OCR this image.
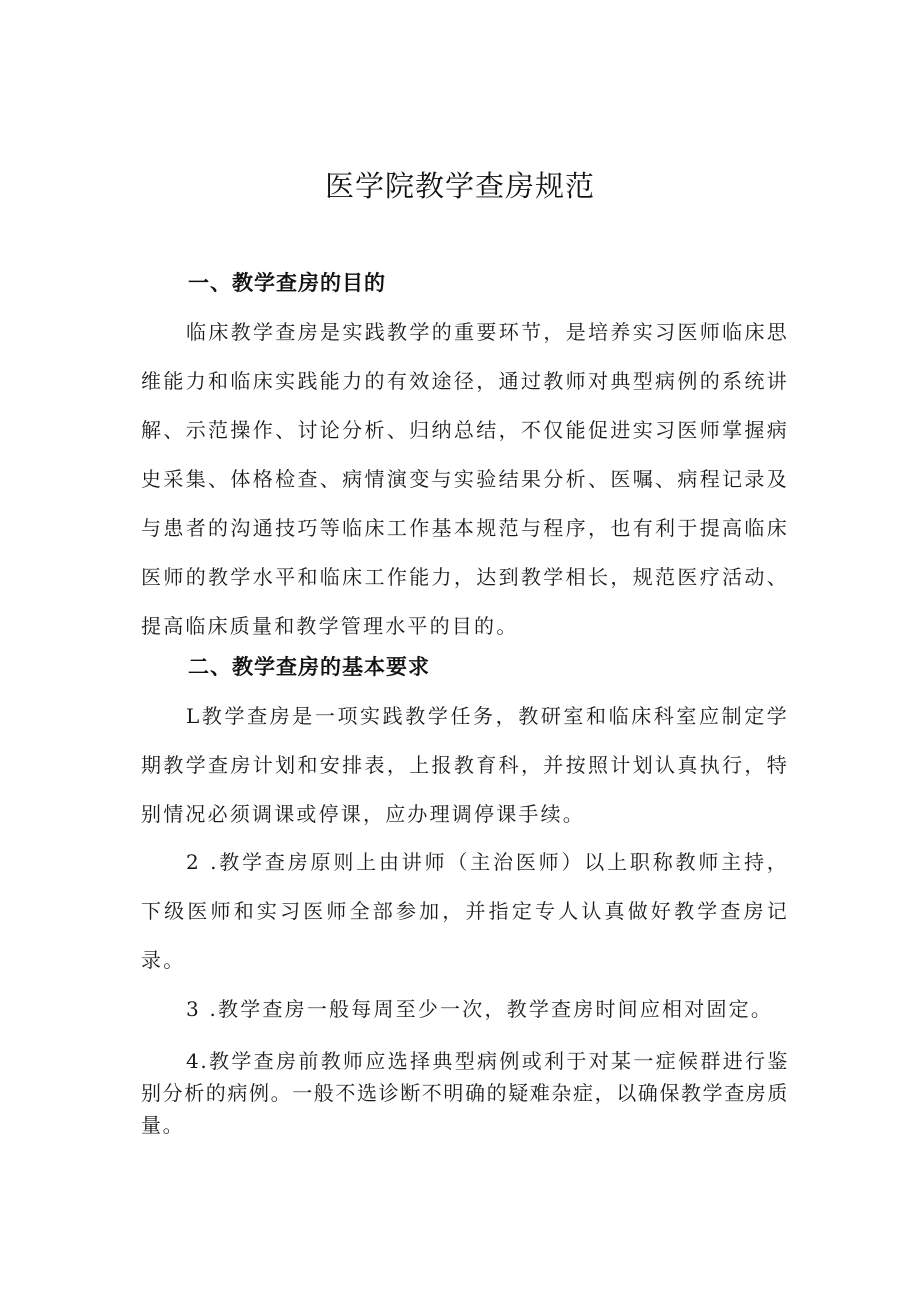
医学院教学查房规范
一、教学查房的目的
临床教学查房是实践教学的重要环节，是培养实习医师临床思维能力和临床实践能力的有效途径，通过教师对典型病例的系统讲解、示范操作、讨论分析、归纳总结，不仅能促进实习医师掌握病史采集、体格检查、病情演变与实验结果分析、医嘱、病程记录及与患者的沟通技巧等临床工作基本规范与程序，也有利于提高临床医师的教学水平和临床工作能力，达到教学相长，规范医疗活动、提高临床质量和教学管理水平的目的。
二、教学查房的基本要求
L教学查房是一项实践教学任务，教研室和临床科室应制定学期教学查房计划和安排表，上报教育科，并按照计划认真执行，特别情况必须调课或停课，应办理调停课手续。
2 .教学查房原则上由讲师（主治医师）以上职称教师主持，下级医师和实习医师全部参加，并指定专人认真做好教学查房记录。
3 .教学查房一般每周至少一次，教学查房时间应相对固定。
4.教学查房前教师应选择典型病例或利于对某一症候群进行鉴别分析的病例。一般不选诊断不明确的疑难杂症，以确保教学查房质量。
